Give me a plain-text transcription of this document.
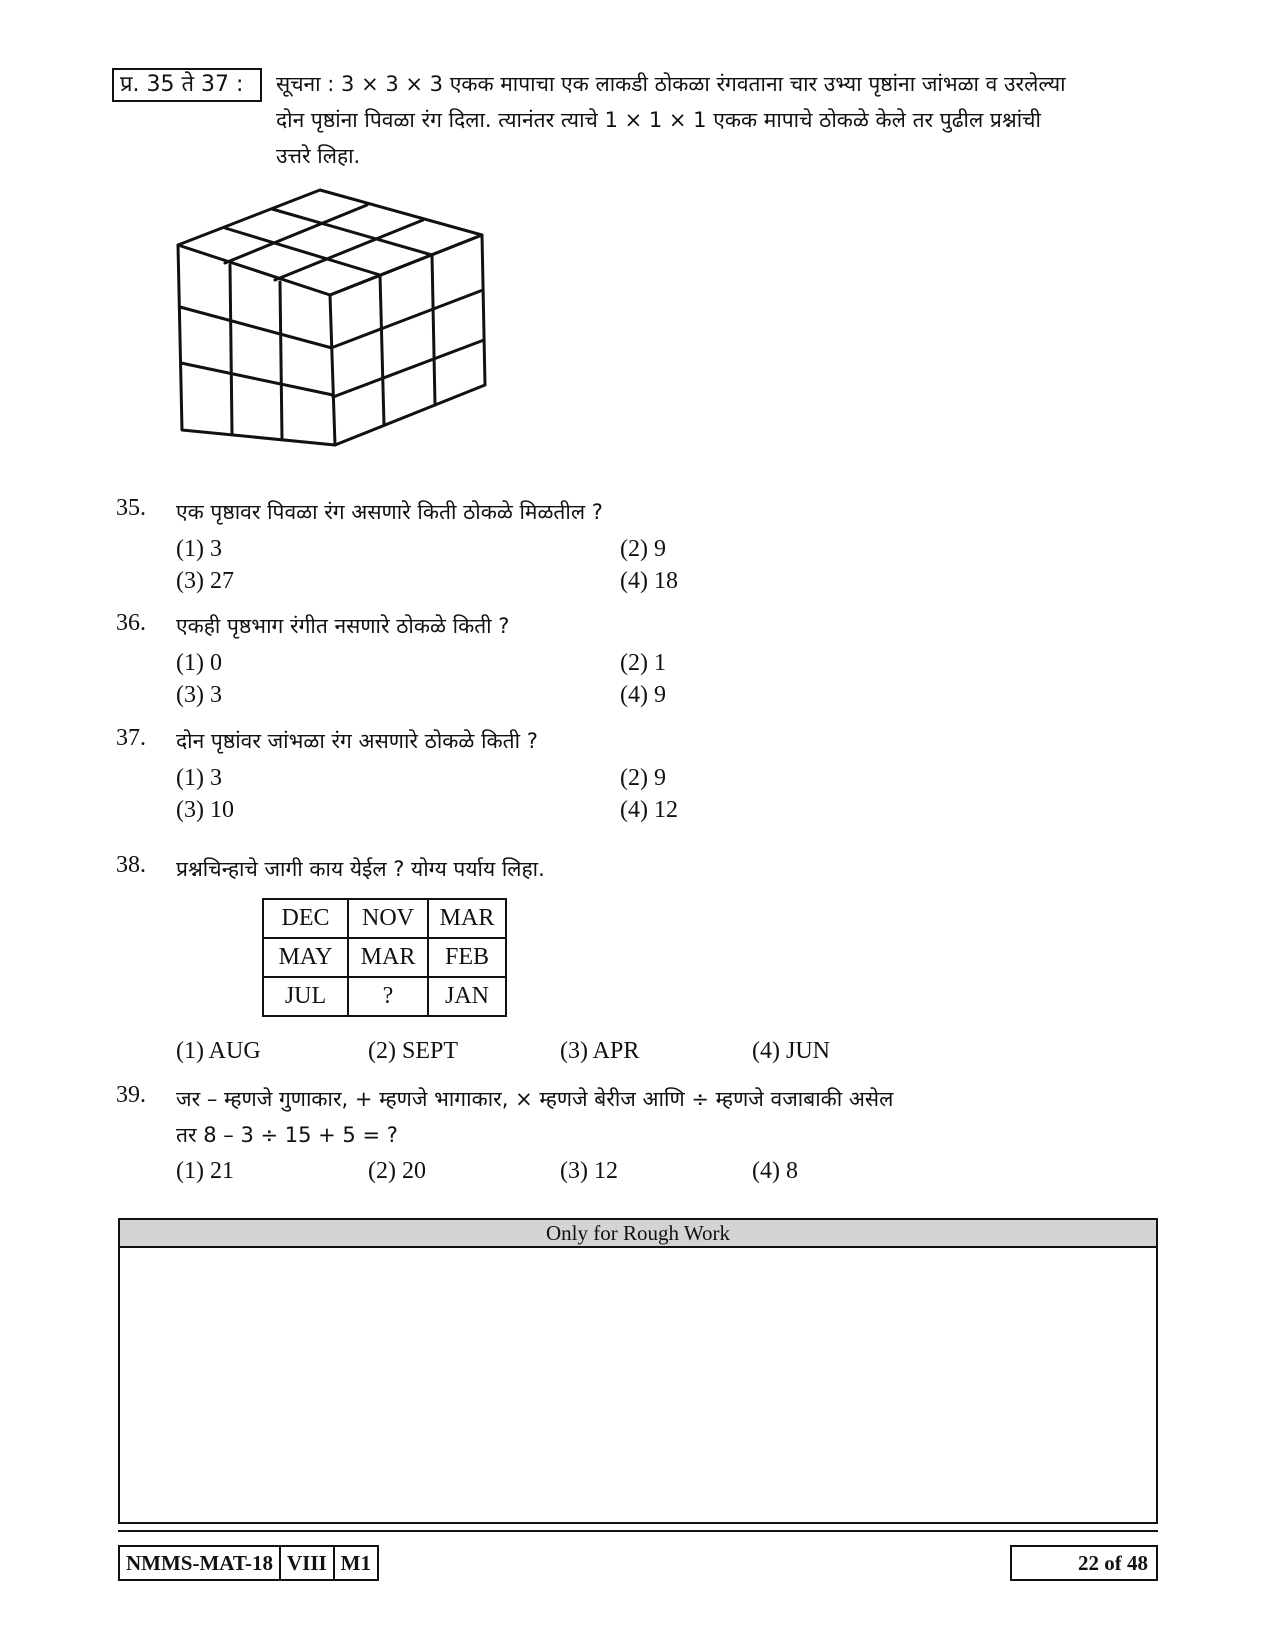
प्र. 35 ते 37 :	सूचना : 3 × 3 × 3 एकक मापाचा एक लाकडी ठोकळा रंगवताना चार उभ्या पृष्ठांना जांभळा व उरलेल्या
दोन पृष्ठांना पिवळा रंग दिला. त्यानंतर त्याचे 1 × 1 × 1 एकक मापाचे ठोकळे केले तर पुढील प्रश्नांची
उत्तरे लिहा.
35. एक पृष्ठावर पिवळा रंग असणारे किती ठोकळे मिळतील ?
(1) 3	(2) 9
(3) 27	(4) 18
36. एकही पृष्ठभाग रंगीत नसणारे ठोकळे किती ?
(1) 0	(2) 1
(3) 3	(4) 9
37. दोन पृष्ठांवर जांभळा रंग असणारे ठोकळे किती ?
(1) 3	(2) 9
(3) 10	(4) 12
38. प्रश्नचिन्हाचे जागी काय येईल ? योग्य पर्याय लिहा.
DEC	NOV	MAR
MAY	MAR	FEB
JUL	?	JAN
(1) AUG	(2) SEPT	(3) APR	(4) JUN
39. जर – म्हणजे गुणाकार, + म्हणजे भागाकार, × म्हणजे बेरीज आणि ÷ म्हणजे वजाबाकी असेल
तर 8 – 3 ÷ 15 + 5 = ?
(1) 21	(2) 20	(3) 12	(4) 8
Only for Rough Work
NMMS-MAT-18 VIII M1	22 of 48
